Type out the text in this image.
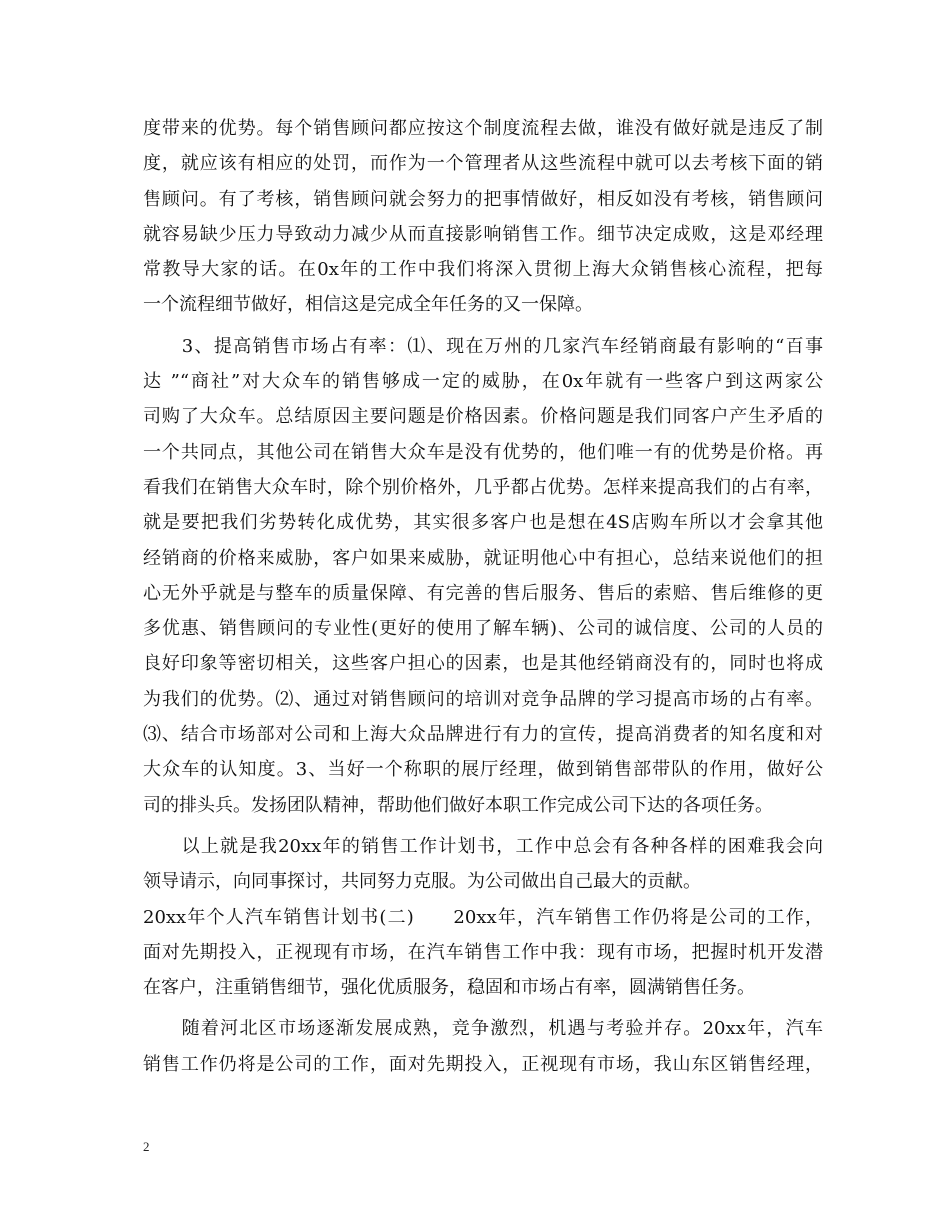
度带来的优势。每个销售顾问都应按这个制度流程去做，谁没有做好就是违反了制
度，就应该有相应的处罚，而作为一个管理者从这些流程中就可以去考核下面的销
售顾问。有了考核，销售顾问就会努力的把事情做好，相反如没有考核，销售顾问
就容易缺少压力导致动力减少从而直接影响销售工作。细节决定成败，这是邓经理
常教导大家的话。在0x年的工作中我们将深入贯彻上海大众销售核心流程，把每
一个流程细节做好，相信这是完成全年任务的又一保障。
　　3、提高销售市场占有率：⑴、现在万州的几家汽车经销商最有影响的“百事
达 ”“商社”对大众车的销售够成一定的威胁，在0x年就有一些客户到这两家公
司购了大众车。总结原因主要问题是价格因素。价格问题是我们同客户产生矛盾的
一个共同点，其他公司在销售大众车是没有优势的，他们唯一有的优势是价格。再
看我们在销售大众车时，除个别价格外，几乎都占优势。怎样来提高我们的占有率，
就是要把我们劣势转化成优势，其实很多客户也是想在4S店购车所以才会拿其他
经销商的价格来威胁，客户如果来威胁，就证明他心中有担心，总结来说他们的担
心无外乎就是与整车的质量保障、有完善的售后服务、售后的索赔、售后维修的更
多优惠、销售顾问的专业性(更好的使用了解车辆)、公司的诚信度、公司的人员的
良好印象等密切相关，这些客户担心的因素，也是其他经销商没有的，同时也将成
为我们的优势。⑵、通过对销售顾问的培训对竞争品牌的学习提高市场的占有率。
⑶、结合市场部对公司和上海大众品牌进行有力的宣传，提高消费者的知名度和对
大众车的认知度。3、当好一个称职的展厅经理，做到销售部带队的作用，做好公
司的排头兵。发扬团队精神，帮助他们做好本职工作完成公司下达的各项任务。
　　以上就是我20xx年的销售工作计划书，工作中总会有各种各样的困难我会向
领导请示，向同事探讨，共同努力克服。为公司做出自己最大的贡献。
20xx年个人汽车销售计划书(二)　　20xx年，汽车销售工作仍将是公司的工作，
面对先期投入，正视现有市场，在汽车销售工作中我：现有市场，把握时机开发潜
在客户，注重销售细节，强化优质服务，稳固和市场占有率，圆满销售任务。
　　随着河北区市场逐渐发展成熟，竞争激烈，机遇与考验并存。20xx年，汽车
销售工作仍将是公司的工作，面对先期投入，正视现有市场，我山东区销售经理，
2
